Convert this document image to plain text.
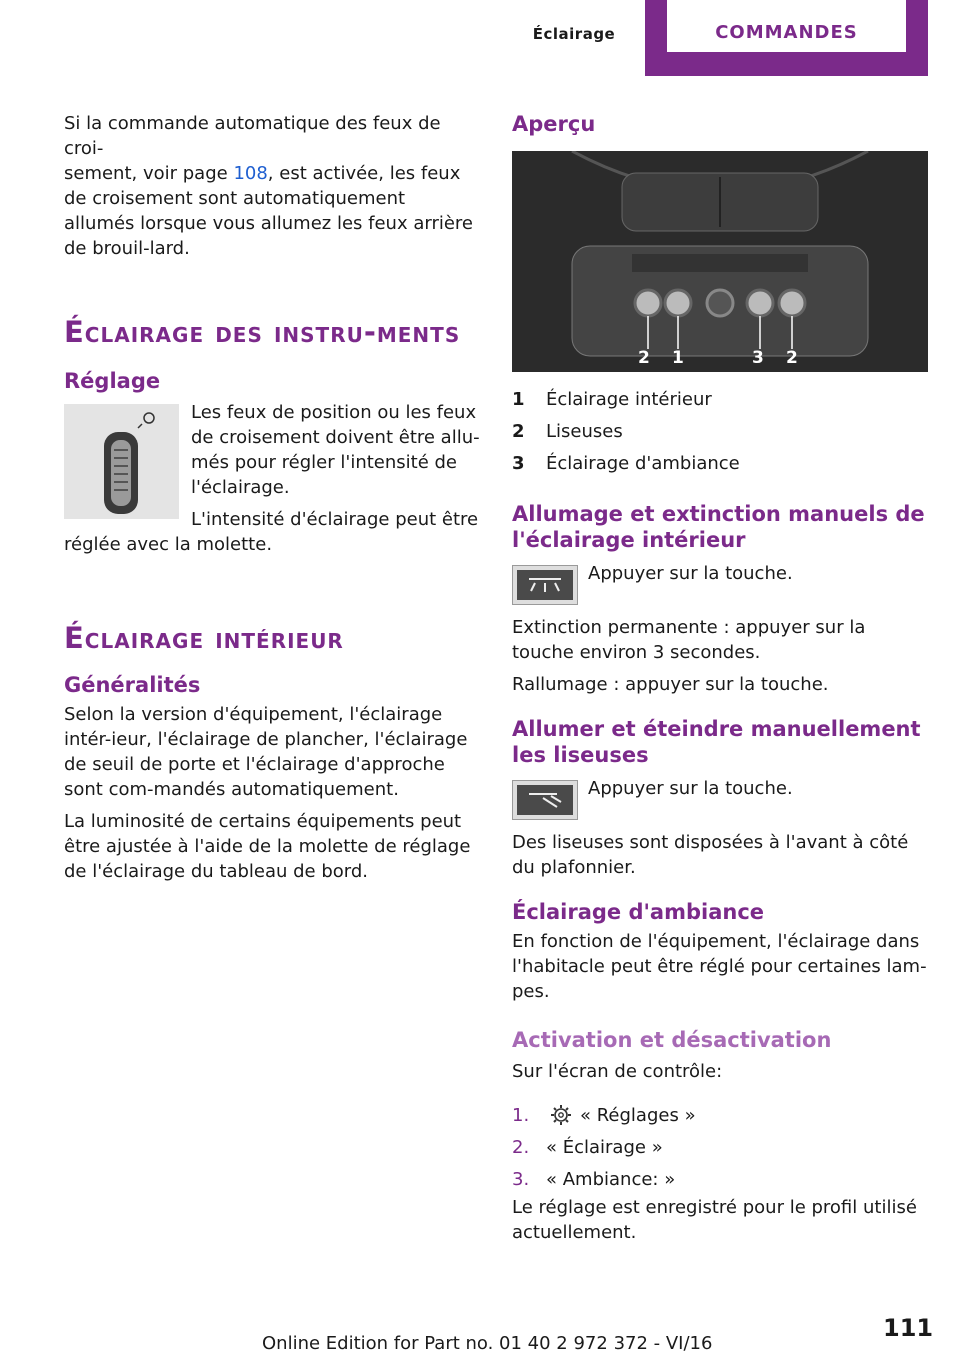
Éclairage	COMMANDES

Si la commande automatique des feux de croi-
sement, voir page 108, est activée, les feux de croisement sont automatiquement allumés lorsque vous allumez les feux arrière de brouil-lard.

Éclairage des instru-ments
Réglage

Les feux de position ou les feux de croisement doivent être allu-més pour régler l'intensité de l'éclairage.

L'intensité d'éclairage peut être réglée avec la molette.

Éclairage intérieur
Généralités

Selon la version d'équipement, l'éclairage intér-ieur, l'éclairage de plancher, l'éclairage de seuil de porte et l'éclairage d'approche sont com-mandés automatiquement.

La luminosité de certains équipements peut être ajustée à l'aide de la molette de réglage de l'éclairage du tableau de bord.

Aperçu
2 1	3 2
1	Éclairage intérieur
2	Liseuses
3	Éclairage d'ambiance
Allumage et extinction manuels de l'éclairage intérieur

Appuyer sur la touche.

Extinction permanente : appuyer sur la touche environ 3 secondes.

Rallumage : appuyer sur la touche.

Allumer et éteindre manuellement les liseuses

Appuyer sur la touche.

Des liseuses sont disposées à l'avant à côté du plafonnier.

Éclairage d'ambiance

En fonction de l'équipement, l'éclairage dans l'habitacle peut être réglé pour certaines lam-pes.

Activation et désactivation

Sur l'écran de contrôle:

1.	« Réglages »
2. « Éclairage »
3. « Ambiance: »

Le réglage est enregistré pour le profil utilisé actuellement.

111
Online Edition for Part no. 01 40 2 972 372 - VI/16
